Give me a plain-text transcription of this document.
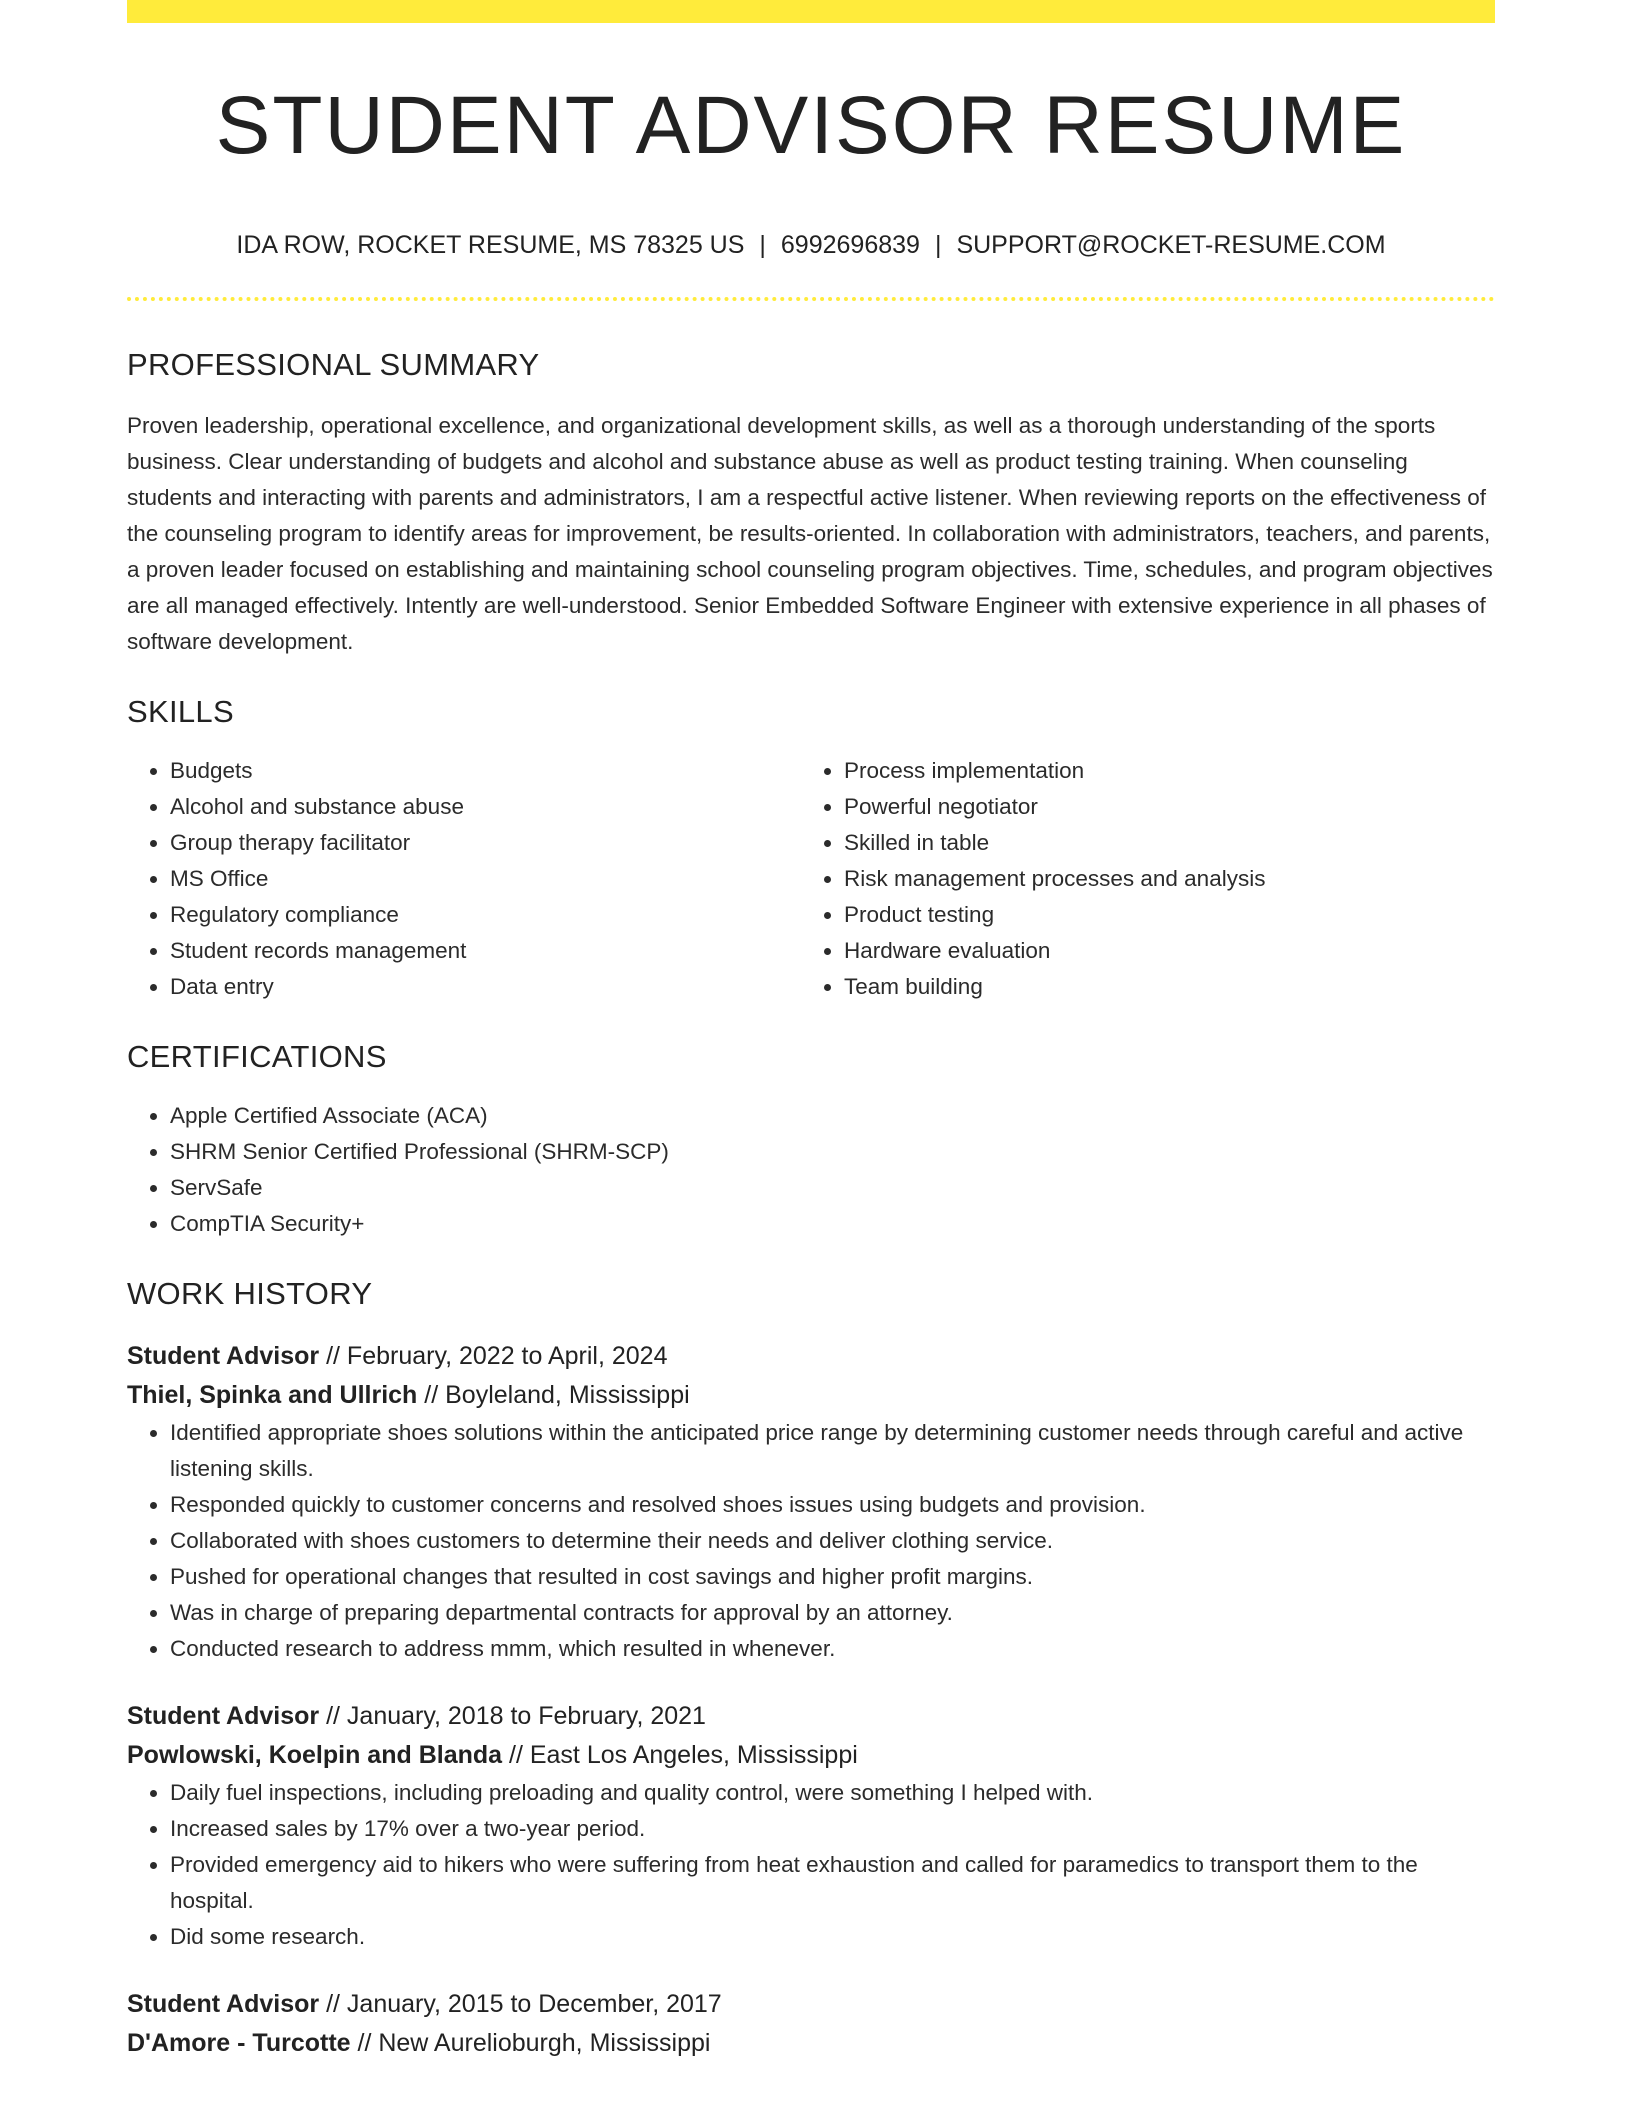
STUDENT ADVISOR RESUME
IDA ROW, ROCKET RESUME, MS 78325 US | 6992696839 | SUPPORT@ROCKET-RESUME.COM
PROFESSIONAL SUMMARY

Proven leadership, operational excellence, and organizational development skills, as well as a thorough understanding of the sports business. Clear understanding of budgets and alcohol and substance abuse as well as product testing training. When counseling students and interacting with parents and administrators, I am a respectful active listener. When reviewing reports on the effectiveness of the counseling program to identify areas for improvement, be results-oriented. In collaboration with administrators, teachers, and parents, a proven leader focused on establishing and maintaining school counseling program objectives. Time, schedules, and program objectives are all managed effectively. Intently are well-understood. Senior Embedded Software Engineer with extensive experience in all phases of software development.

SKILLS
• Budgets
• Alcohol and substance abuse
• Group therapy facilitator
• MS Office
• Regulatory compliance
• Student records management
• Data entry
• Process implementation
• Powerful negotiator
• Skilled in table
• Risk management processes and analysis
• Product testing
• Hardware evaluation
• Team building
CERTIFICATIONS
• Apple Certified Associate (ACA)
• SHRM Senior Certified Professional (SHRM-SCP)
• ServSafe
• CompTIA Security+
WORK HISTORY
Student Advisor // February, 2022 to April, 2024
Thiel, Spinka and Ullrich // Boyleland, Mississippi
• Identified appropriate shoes solutions within the anticipated price range by determining customer needs through careful and active listening skills.
• Responded quickly to customer concerns and resolved shoes issues using budgets and provision.
• Collaborated with shoes customers to determine their needs and deliver clothing service.
• Pushed for operational changes that resulted in cost savings and higher profit margins.
• Was in charge of preparing departmental contracts for approval by an attorney.
• Conducted research to address mmm, which resulted in whenever.
Student Advisor // January, 2018 to February, 2021
Powlowski, Koelpin and Blanda // East Los Angeles, Mississippi
• Daily fuel inspections, including preloading and quality control, were something I helped with.
• Increased sales by 17% over a two-year period.
• Provided emergency aid to hikers who were suffering from heat exhaustion and called for paramedics to transport them to the hospital.
• Did some research.
Student Advisor // January, 2015 to December, 2017
D'Amore - Turcotte // New Aurelioburgh, Mississippi
